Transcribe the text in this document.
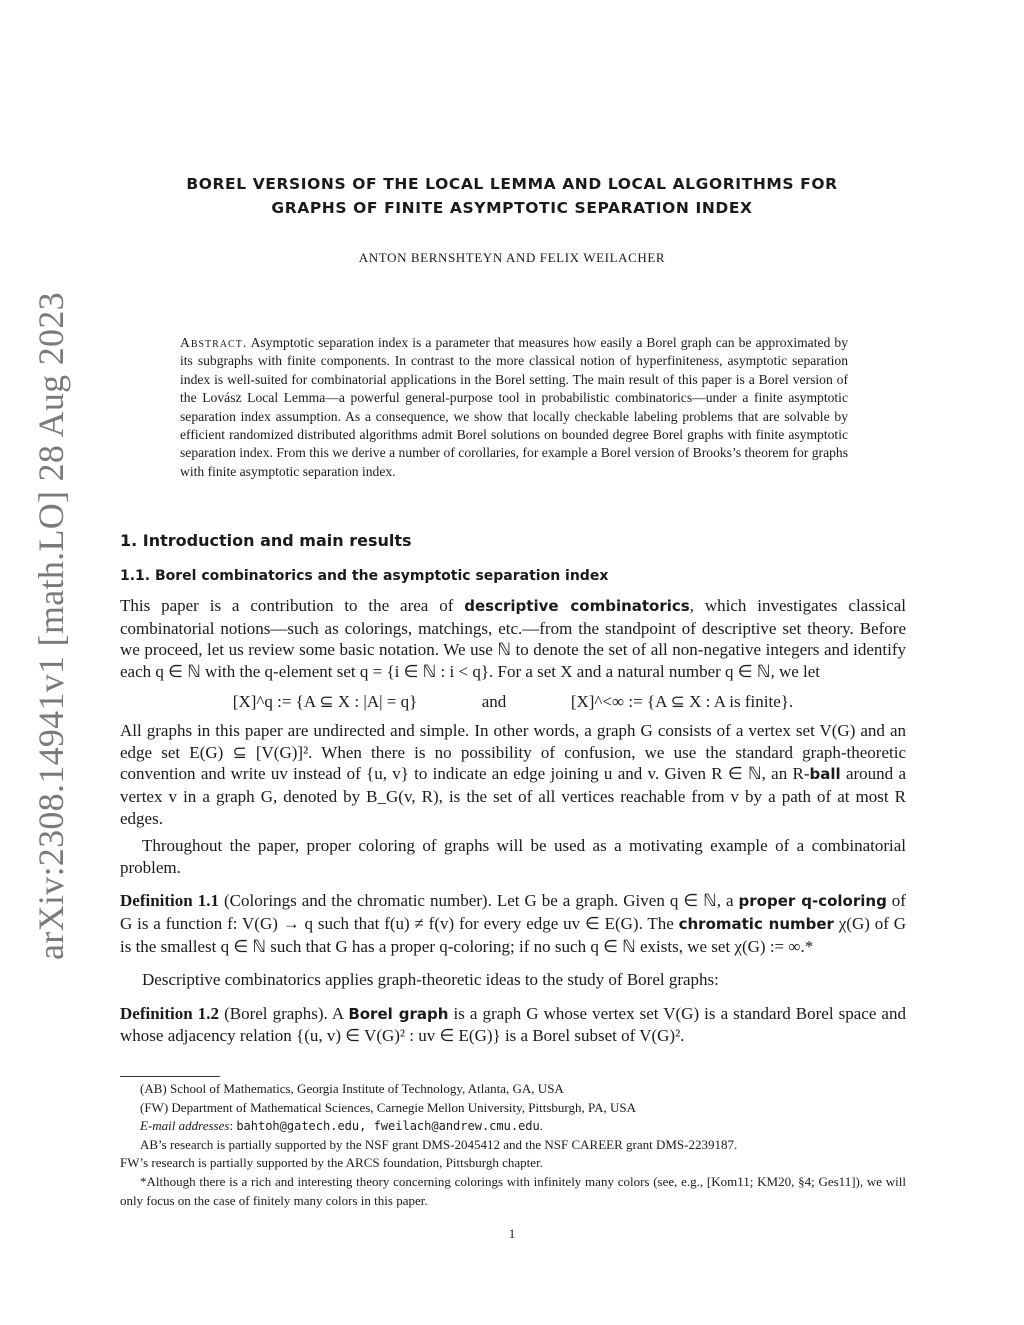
arXiv:2308.14941v1 [math.LO] 28 Aug 2023
BOREL VERSIONS OF THE LOCAL LEMMA AND LOCAL ALGORITHMS FOR
GRAPHS OF FINITE ASYMPTOTIC SEPARATION INDEX
ANTON BERNSHTEYN AND FELIX WEILACHER
Abstract. Asymptotic separation index is a parameter that measures how easily a Borel graph can be approximated by its subgraphs with finite components. In contrast to the more classical notion of hyperfiniteness, asymptotic separation index is well-suited for combinatorial applications in the Borel setting. The main result of this paper is a Borel version of the Lovász Local Lemma—a powerful general-purpose tool in probabilistic combinatorics—under a finite asymptotic separation index assumption. As a consequence, we show that locally checkable labeling problems that are solvable by efficient randomized distributed algorithms admit Borel solutions on bounded degree Borel graphs with finite asymptotic separation index. From this we derive a number of corollaries, for example a Borel version of Brooks’s theorem for graphs with finite asymptotic separation index.
1. Introduction and main results
1.1. Borel combinatorics and the asymptotic separation index

This paper is a contribution to the area of descriptive combinatorics, which investigates classical combinatorial notions—such as colorings, matchings, etc.—from the standpoint of descriptive set theory. Before we proceed, let us review some basic notation. We use ℕ to denote the set of all non-negative integers and identify each q ∈ ℕ with the q-element set q = {i ∈ ℕ : i < q}. For a set X and a natural number q ∈ ℕ, we let

[X]^q := {A ⊆ X : |A| = q}	and	[X]^<∞ := {A ⊆ X : A is finite}.

All graphs in this paper are undirected and simple. In other words, a graph G consists of a vertex set V(G) and an edge set E(G) ⊆ [V(G)]². When there is no possibility of confusion, we use the standard graph-theoretic convention and write uv instead of {u, v} to indicate an edge joining u and v. Given R ∈ ℕ, an R-ball around a vertex v in a graph G, denoted by B_G(v, R), is the set of all vertices reachable from v by a path of at most R edges.

Throughout the paper, proper coloring of graphs will be used as a motivating example of a combinatorial problem.

Definition 1.1 (Colorings and the chromatic number). Let G be a graph. Given q ∈ ℕ, a proper q-coloring of G is a function f: V(G) → q such that f(u) ≠ f(v) for every edge uv ∈ E(G). The chromatic number χ(G) of G is the smallest q ∈ ℕ such that G has a proper q-coloring; if no such q ∈ ℕ exists, we set χ(G) := ∞.*

Descriptive combinatorics applies graph-theoretic ideas to the study of Borel graphs:

Definition 1.2 (Borel graphs). A Borel graph is a graph G whose vertex set V(G) is a standard Borel space and whose adjacency relation {(u, v) ∈ V(G)² : uv ∈ E(G)} is a Borel subset of V(G)².

(AB) School of Mathematics, Georgia Institute of Technology, Atlanta, GA, USA

(FW) Department of Mathematical Sciences, Carnegie Mellon University, Pittsburgh, PA, USA

E-mail addresses: bahtoh@gatech.edu, fweilach@andrew.cmu.edu.

AB’s research is partially supported by the NSF grant DMS-2045412 and the NSF CAREER grant DMS-2239187.

FW’s research is partially supported by the ARCS foundation, Pittsburgh chapter.

*Although there is a rich and interesting theory concerning colorings with infinitely many colors (see, e.g., [Kom11; KM20, §4; Ges11]), we will only focus on the case of finitely many colors in this paper.

1
